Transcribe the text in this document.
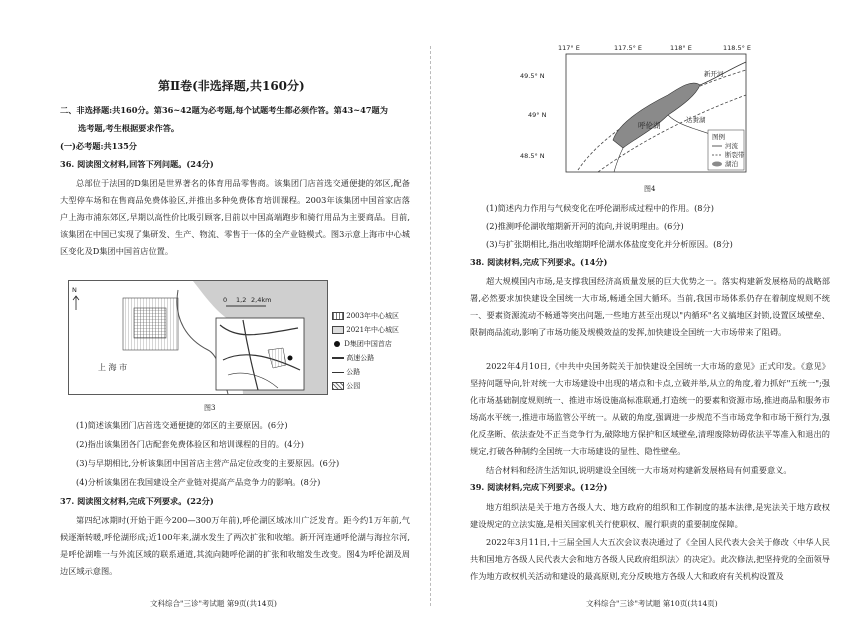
第Ⅱ卷(非选择题,共160分)
二、非选择题:共160分。第36~42题为必考题,每个试题考生都必须作答。第43~47题为
选考题,考生根据要求作答。
(一)必考题:共135分
36. 阅读图文材料,回答下列问题。(24分)
总部位于法国的D集团是世界著名的体育用品零售商。该集团门店首选交通便捷的郊区,配备大型停车场和在售商品免费体验区,并推出多种免费体育培训课程。2003年该集团中国首家店落户上海市浦东郊区,早期以高性价比吸引顾客,目前以中国高端跑步和骑行用品为主要商品。目前,该集团在中国已实现了集研发、生产、物流、零售于一体的全产业链模式。图3示意上海市中心城区变化及D集团中国首店位置。
N
上 海 市
0 1,2 2,4km
2003年中心城区
2021年中心城区
D集团中国首店
高速公路
公路
公园
图3
(1)简述该集团门店首选交通便捷的郊区的主要原因。(6分)
(2)指出该集团各门店配套免费体验区和培训课程的目的。(4分)
(3)与早期相比,分析该集团中国首店主营产品定位改变的主要原因。(6分)
(4)分析该集团在我国建设全产业链对提高产品竞争力的影响。(8分)
37. 阅读图文材料,完成下列要求。(22分)
第四纪冰期时(开始于距今200—300万年前),呼伦湖区域冰川广泛发育。距今约1万年前,气候逐渐转暖,呼伦湖形成;近100年来,湖水发生了两次扩张和收缩。新开河连通呼伦湖与海拉尔河,是呼伦湖唯一与外流区域的联系通道,其流向随呼伦湖的扩张和收缩发生改变。图4为呼伦湖及周边区域示意图。
文科综合"三诊"考试题 第9页(共14页)
117° E	117.5° E	118° E	118.5° E
49.5° N
49° N
48.5° N
呼伦湖
新开河
达赉湖
图例
河流
断裂带
湖泊
图4
(1)简述内力作用与气候变化在呼伦湖形成过程中的作用。(8分)
(2)推测呼伦湖收缩期新开河的流向,并说明理由。(6分)
(3)与扩张期相比,指出收缩期呼伦湖水体盐度变化并分析原因。(8分)
38. 阅读材料,完成下列要求。(14分)
超大规模国内市场,是支撑我国经济高质量发展的巨大优势之一。落实构建新发展格局的战略部署,必然要求加快建设全国统一大市场,畅通全国大循环。当前,我国市场体系仍存在着制度规则不统一、要素资源流动不畅通等突出问题,一些地方甚至出现以"内循环"名义搞地区封锁,设置区域壁垒、限制商品流动,影响了市场功能及规模效益的发挥,加快建设全国统一大市场带来了阻碍。
2022年4月10日,《中共中央国务院关于加快建设全国统一大市场的意见》正式印发。《意见》坚持问题导向,针对统一大市场建设中出现的堵点和卡点,立破并举,从立的角度,着力抓好"五统一";强化市场基础制度规则统一、推进市场设施高标准联通,打造统一的要素和资源市场,推进商品和服务市场高水平统一,推进市场监管公平统一。从破的角度,强调进一步规范不当市场竞争和市场干预行为,强化反垄断、依法查处不正当竞争行为,破除地方保护和区域壁垒,清理废除妨碍依法平等准入和退出的规定,打破各种制约全国统一大市场建设的显性、隐性壁垒。
结合材料和经济生活知识,说明建设全国统一大市场对构建新发展格局有何重要意义。
39. 阅读材料,完成下列要求。(12分)
地方组织法是关于地方各级人大、地方政府的组织和工作制度的基本法律,是宪法关于地方政权建设规定的立法实施,是相关国家机关行使职权、履行职责的重要制度保障。
2022年3月11日,十三届全国人大五次会议表决通过了《全国人民代表大会关于修改〈中华人民共和国地方各级人民代表大会和地方各级人民政府组织法〉的决定》。此次修法,把坚持党的全面领导作为地方政权机关活动和建设的最高原则,充分反映地方各级人大和政府有关机构设置及
文科综合"三诊"考试题 第10页(共14页)
